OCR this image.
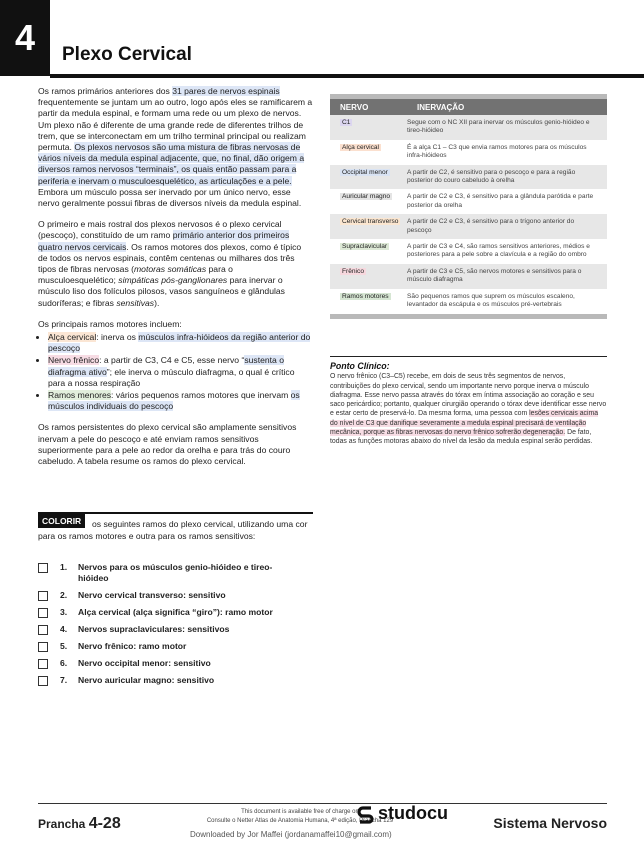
4	Plexo Cervical

Os ramos primários anteriores dos 31 pares de nervos espinais frequentemente se juntam um ao outro, logo após eles se ramificarem a partir da medula espinal, e formam uma rede ou um plexo de nervos. Um plexo não é diferente de uma grande rede de diferentes trilhos de trem, que se interconectam em um trilho terminal principal ou realizam permuta. Os plexos nervosos são uma mistura de fibras nervosas de vários níveis da medula espinal adjacente, que, no final, dão origem a diversos ramos nervosos “terminais”, os quais então passam para a periferia e inervam o musculoesquelético, as articulações e a pele. Embora um músculo possa ser inervado por um único nervo, esse nervo geralmente possui fibras de diversos níveis da medula espinal.

O primeiro e mais rostral dos plexos nervosos é o plexo cervical (pescoço), constituído de um ramo primário anterior dos primeiros quatro nervos cervicais. Os ramos motores dos plexos, como é típico de todos os nervos espinais, contêm centenas ou milhares dos três tipos de fibras nervosas (motoras somáticas para o musculoesquelético; simpáticas pós-ganglionares para inervar o músculo liso dos folículos pilosos, vasos sanguíneos e glândulas sudoríferas; e fibras sensitivas).

Os principais ramos motores incluem:

• Alça cervical: inerva os músculos infra-hióideos da região anterior do pescoço
• Nervo frênico: a partir de C3, C4 e C5, esse nervo “sustenta o diafragma ativo”; ele inerva o músculo diafragma, o qual é crítico para a nossa respiração
• Ramos menores: vários pequenos ramos motores que inervam os músculos individuais do pescoço

Os ramos persistentes do plexo cervical são amplamente sensitivos inervam a pele do pescoço e até enviam ramos sensitivos superiormente para a pele ao redor da orelha e para trás do couro cabeludo. A tabela resume os ramos do plexo cervical.

COLORIR	os seguintes ramos do plexo cervical, utilizando uma cor para os ramos motores e outra para os ramos sensitivos:
1.	Nervos para os músculos genio-hióideo e tireo-hióideo
2.	Nervo cervical transverso: sensitivo
3.	Alça cervical (alça significa “giro”): ramo motor
4.	Nervos supraclaviculares: sensitivos
5.	Nervo frênico: ramo motor
6.	Nervo occipital menor: sensitivo
7.	Nervo auricular magno: sensitivo
NERVO	INERVAÇÃO
C1	Segue com o NC XII para inervar os músculos genio-hióideo e tireo-hióideo
Alça cervical	É a alça C1 – C3 que envia ramos motores para os músculos infra-hióideos
Occipital menor	A partir de C2, é sensitivo para o pescoço e para a região posterior do couro cabeludo à orelha
Auricular magno	A partir de C2 e C3, é sensitivo para a glândula parótida e parte posterior da orelha
Cervical transverso	A partir de C2 e C3, é sensitivo para o trígono anterior do pescoço
Supraclavicular	A partir de C3 e C4, são ramos sensitivos anteriores, médios e posteriores para a pele sobre a clavícula e a região do ombro
Frênico	A partir de C3 e C5, são nervos motores e sensitivos para o músculo diafragma
Ramos motores	São pequenos ramos que suprem os músculos escaleno, levantador da escápula e os músculos pré-vertebrais
Ponto Clínico:
O nervo frênico (C3–C5) recebe, em dois de seus três segmentos de nervos, contribuições do plexo cervical, sendo um importante nervo porque inerva o músculo diafragma. Esse nervo passa através do tórax em íntima associação ao coração e seu saco pericárdico; portanto, qualquer cirurgião operando o tórax deve identificar esse nervo e estar certo de preservá-lo. Da mesma forma, uma pessoa com lesões cervicais acima do nível de C3 que danifique severamente a medula espinal precisará de ventilação mecânica, porque as fibras nervosas do nervo frênico sofrerão degeneração. De fato, todas as funções motoras abaixo do nível da lesão da medula espinal serão perdidas.
Prancha 4-28
This document is available free of charge on
Consulte o Netter Atlas de Anatomia Humana, 4ª edição, Prancha 129
studocu	Sistema Nervoso
Downloaded by Jor Maffei (jordanamaffei10@gmail.com)
